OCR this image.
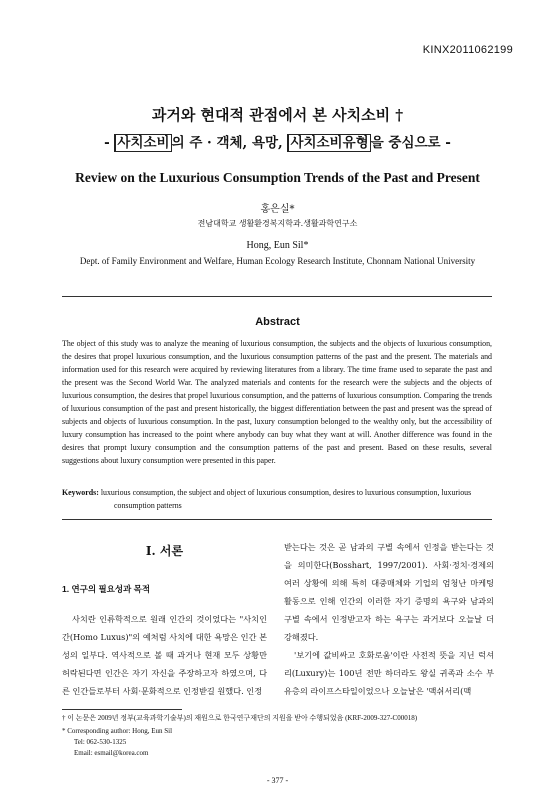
KINX2011062199
과거와 현대적 관점에서 본 사치소비 †
- 사치소비 의 주 · 객체, 욕망, 사치소비유형 을 중심으로 -
Review on the Luxurious Consumption Trends of the Past and Present
홍은실*
전남대학교 생활환경복지학과.생활과학연구소
Hong, Eun Sil*
Dept. of Family Environment and Welfare, Human Ecology Research Institute, Chonnam National University
Abstract
The object of this study was to analyze the meaning of luxurious consumption, the subjects and the objects of luxurious consumption, the desires that propel luxurious consumption, and the luxurious consumption patterns of the past and the present. The materials and information used for this research were acquired by reviewing literatures from a library. The time frame used to separate the past and the present was the Second World War. The analyzed materials and contents for the research were the subjects and the objects of luxurious consumption, the desires that propel luxurious consumption, and the patterns of luxurious consumption. Comparing the trends of luxurious consumption of the past and present historically, the biggest differentiation between the past and present was the spread of subjects and objects of luxurious consumption. In the past, luxury consumption belonged to the wealthy only, but the accessibility of luxury consumption has increased to the point where anybody can buy what they want at will. Another difference was found in the desires that prompt luxury consumption and the consumption patterns of the past and present. Based on these results, several suggestions about luxury consumption were presented in this paper.
Keywords: luxurious consumption, the subject and object of luxurious consumption, desires to luxurious consumption, luxurious consumption patterns
Ⅰ. 서론
1. 연구의 필요성과 목적
사치란 인류학적으로 원래 인간의 것이었다는 "사치인간(Homo Luxus)"의 예처럼 사치에 대한 욕망은 인간 본성의 일부다. 역사적으로 볼 때 과거나 현재 모두 상황만 허락된다면 인간은 자기 자신을 주장하고자 하였으며, 다른 인간들로부터 사회·문화적으로 인정받길 원했다. 인정
받는다는 것은 곧 남과의 구별 속에서 인정을 받는다는 것을 의미한다(Bosshart, 1997/2001). 사회·정치·경제의 여러 상황에 의해 특히 대중매체와 기업의 엄청난 마케팅 활동으로 인해 인간의 이러한 자기 증명의 욕구와 남과의 구별 속에서 인정받고자 하는 욕구는 과거보다 오늘날 더 강해졌다.
'보기에 값비싸고 호화로움'이란 사전적 뜻을 지닌 럭셔리(Luxury)는 100년 전만 하더라도 왕실 귀족과 소수 부유층의 라이프스타일이었으나 오늘날은 '맥쉬서리(맥
† 이 논문은 2009년 정부(교육과학기술부)의 재원으로 한국연구재단의 지원을 받아 수행되었음 (KRF-2009-327-C00018)
* Corresponding author: Hong, Eun Sil
Tel: 062-530-1325
Email: esmail@korea.com
- 377 -
